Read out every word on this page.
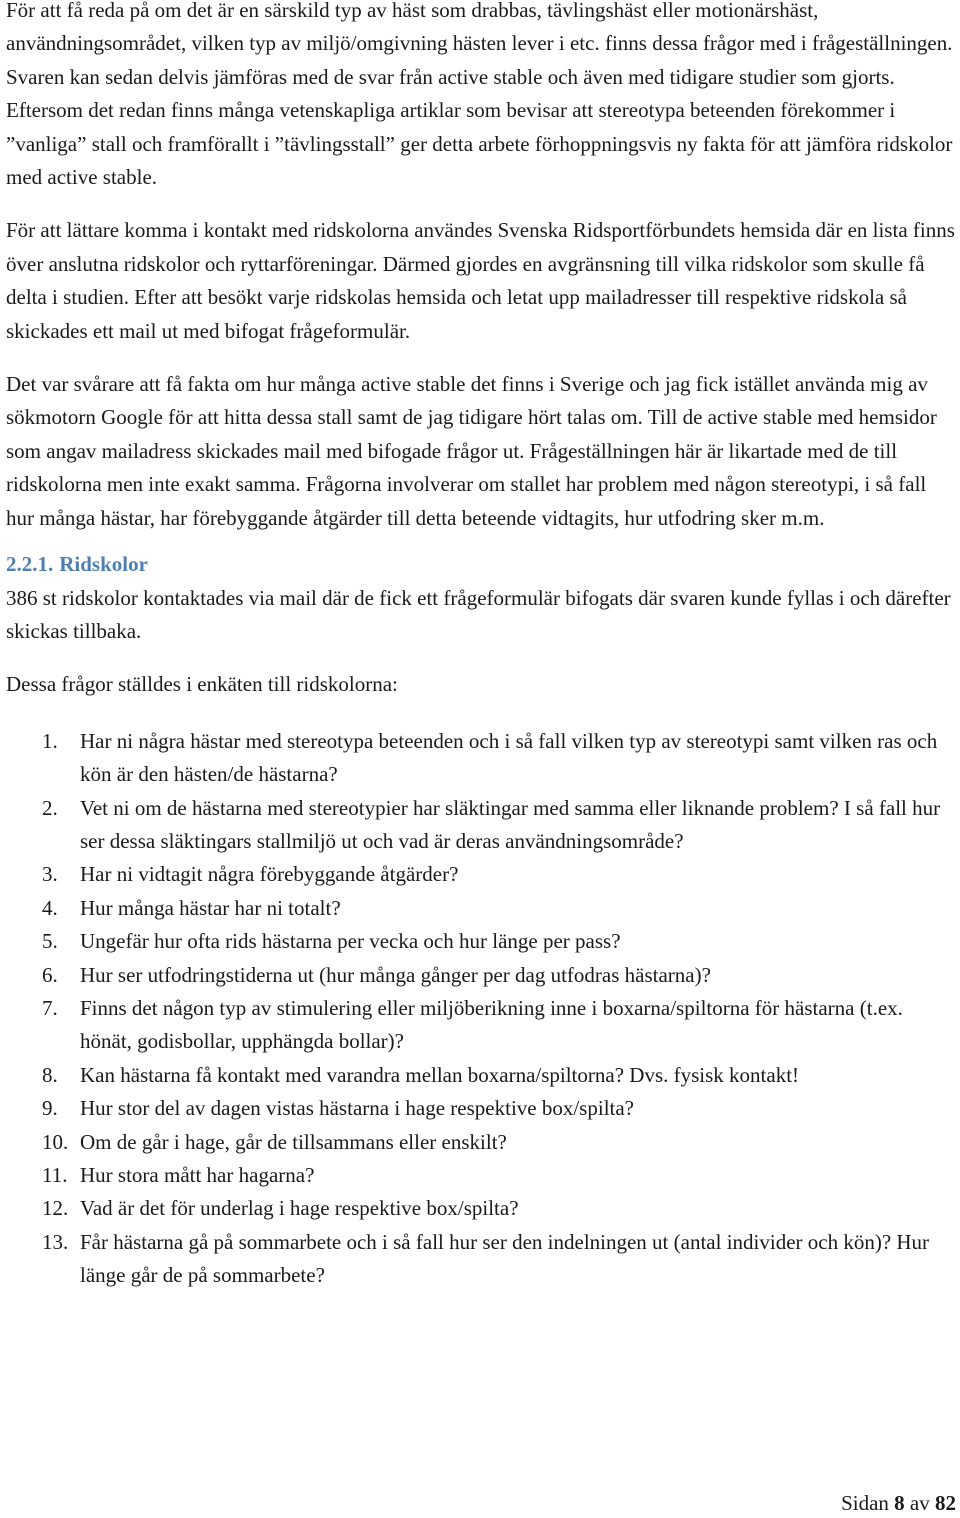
För att få reda på om det är en särskild typ av häst som drabbas, tävlingshäst eller motionärshäst, användningsområdet, vilken typ av miljö/omgivning hästen lever i etc. finns dessa frågor med i frågeställningen. Svaren kan sedan delvis jämföras med de svar från active stable och även med tidigare studier som gjorts. Eftersom det redan finns många vetenskapliga artiklar som bevisar att stereotypa beteenden förekommer i ”vanliga” stall och framförallt i ”tävlingsstall” ger detta arbete förhoppningsvis ny fakta för att jämföra ridskolor med active stable.

För att lättare komma i kontakt med ridskolorna användes Svenska Ridsportförbundets hemsida där en lista finns över anslutna ridskolor och ryttarföreningar. Därmed gjordes en avgränsning till vilka ridskolor som skulle få delta i studien. Efter att besökt varje ridskolas hemsida och letat upp mailadresser till respektive ridskola så skickades ett mail ut med bifogat frågeformulär.

Det var svårare att få fakta om hur många active stable det finns i Sverige och jag fick istället använda mig av sökmotorn Google för att hitta dessa stall samt de jag tidigare hört talas om. Till de active stable med hemsidor som angav mailadress skickades mail med bifogade frågor ut. Frågeställningen här är likartade med de till ridskolorna men inte exakt samma. Frågorna involverar om stallet har problem med någon stereotypi, i så fall hur många hästar, har förebyggande åtgärder till detta beteende vidtagits, hur utfodring sker m.m.

2.2.1. Ridskolor

386 st ridskolor kontaktades via mail där de fick ett frågeformulär bifogats där svaren kunde fyllas i och därefter skickas tillbaka.

Dessa frågor ställdes i enkäten till ridskolorna:

1.	Har ni några hästar med stereotypa beteenden och i så fall vilken typ av stereotypi samt vilken ras och kön är den hästen/de hästarna?
2.	Vet ni om de hästarna med stereotypier har släktingar med samma eller liknande problem? I så fall hur ser dessa släktingars stallmiljö ut och vad är deras användningsområde?
3.	Har ni vidtagit några förebyggande åtgärder?
4.	Hur många hästar har ni totalt?
5.	Ungefär hur ofta rids hästarna per vecka och hur länge per pass?
6.	Hur ser utfodringstiderna ut (hur många gånger per dag utfodras hästarna)?
7.	Finns det någon typ av stimulering eller miljöberikning inne i boxarna/spiltorna för hästarna (t.ex. hönät, godisbollar, upphängda bollar)?
8.	Kan hästarna få kontakt med varandra mellan boxarna/spiltorna? Dvs. fysisk kontakt!
9.	Hur stor del av dagen vistas hästarna i hage respektive box/spilta?
10. Om de går i hage, går de tillsammans eller enskilt?
11. Hur stora mått har hagarna?
12. Vad är det för underlag i hage respektive box/spilta?
13. Får hästarna gå på sommarbete och i så fall hur ser den indelningen ut (antal individer och kön)? Hur länge går de på sommarbete?
Sidan 8 av 82
